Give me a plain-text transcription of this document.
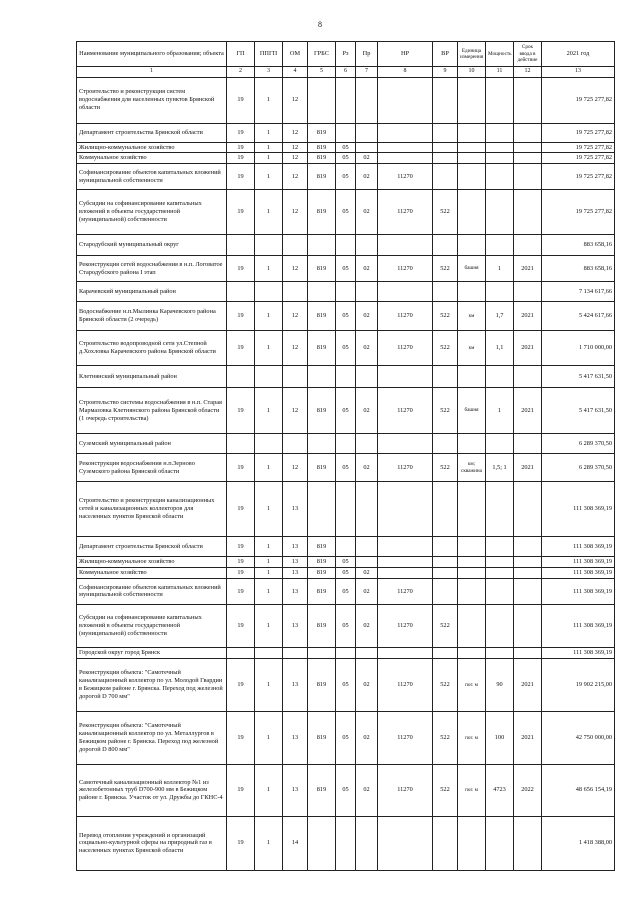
8
Наименование муниципального образования; объекта	ГП	ППГП	ОМ	ГРБС	Рз	Пр	НР	ВР	Единица измерения	Мощность	Срок ввода в действие	2021 год
1	2	3	4	5	6	7	8	9	10	11	12	13
Строительство и реконструкция систем водоснабжения для населенных пунктов Брянской области	19	1	12									19 725 277,82
Департамент строительства Брянской области	19	1	12	819								19 725 277,82
Жилищно-коммунальное хозяйство	19	1	12	819	05							19 725 277,82
Коммунальное хозяйство	19	1	12	819	05	02						19 725 277,82
Софинансирование объектов капитальных вложений муниципальной собственности	19	1	12	819	05	02	11270					19 725 277,82
Субсидии на софинансирование капитальных вложений в объекты государственной (муниципальной) собственности	19	1	12	819	05	02	11270	522				19 725 277,82
Стародубский муниципальный округ												883 658,16
Реконструкция сетей водоснабжения в н.п. Логоватое Стародубского района I этап	19	1	12	819	05	02	11270	522	башня	1	2021	883 658,16
Карачевский муниципальный район												7 134 617,66
Водоснабжение н.п.Мылинка Карачевского района Брянской области (2 очередь)	19	1	12	819	05	02	11270	522	км	1,7	2021	5 424 617,66
Строительство водопроводной сети ул.Степной д.Хохловка Карачевского района Брянской области	19	1	12	819	05	02	11270	522	км	1,1	2021	1 710 000,00
Клетнянский муниципальный район												5 417 631,50
Строительство системы водоснабжения в н.п. Старая Мармазовка Клетнянского района Брянской области (1 очередь строительства)	19	1	12	819	05	02	11270	522	башня	1	2021	5 417 631,50
Суземский муниципальный район												6 289 370,50
Реконструкция водоснабжения н.п.Зерново Суземского района Брянской области	19	1	12	819	05	02	11270	522	км; скважина	1,5; 1	2021	6 289 370,50
Строительство и реконструкция канализационных сетей и канализационных коллекторов для населенных пунктов Брянской области	19	1	13									111 308 369,19
Департамент строительства Брянской области	19	1	13	819								111 308 369,19
Жилищно-коммунальное хозяйство	19	1	13	819	05							111 308 369,19
Коммунальное хозяйство	19	1	13	819	05	02						111 308 369,19
Софинансирование объектов капитальных вложений муниципальной собственности	19	1	13	819	05	02	11270					111 308 369,19
Субсидии на софинансирование капитальных вложений в объекты государственной (муниципальной) собственности	19	1	13	819	05	02	11270	522				111 308 369,19
Городской округ город Брянск												111 308 369,19
Реконструкция объекта: "Самотечный канализационный коллектор по ул. Молодой Гвардии в Бежицком районе г. Брянска. Переход под железной дорогой D 700 мм"	19	1	13	819	05	02	11270	522	пог. м	90	2021	19 902 215,00
Реконструкция объекта: "Самотечный канализационный коллектор по ул. Металлургов в Бежицком районе г. Брянска. Переход под железной дорогой D 800 мм"	19	1	13	819	05	02	11270	522	пог. м	100	2021	42 750 000,00
Самотечный канализационный коллектор №1 из железобетонных труб D700-900 мм в Бежицком районе г. Брянска. Участок от ул. Дружбы до ГКНС-4	19	1	13	819	05	02	11270	522	пог. м	4723	2022	48 656 154,19
Перевод отопления учреждений и организаций социально-культурной сферы на природный газ в населенных пунктах Брянской области	19	1	14									1 418 388,00
